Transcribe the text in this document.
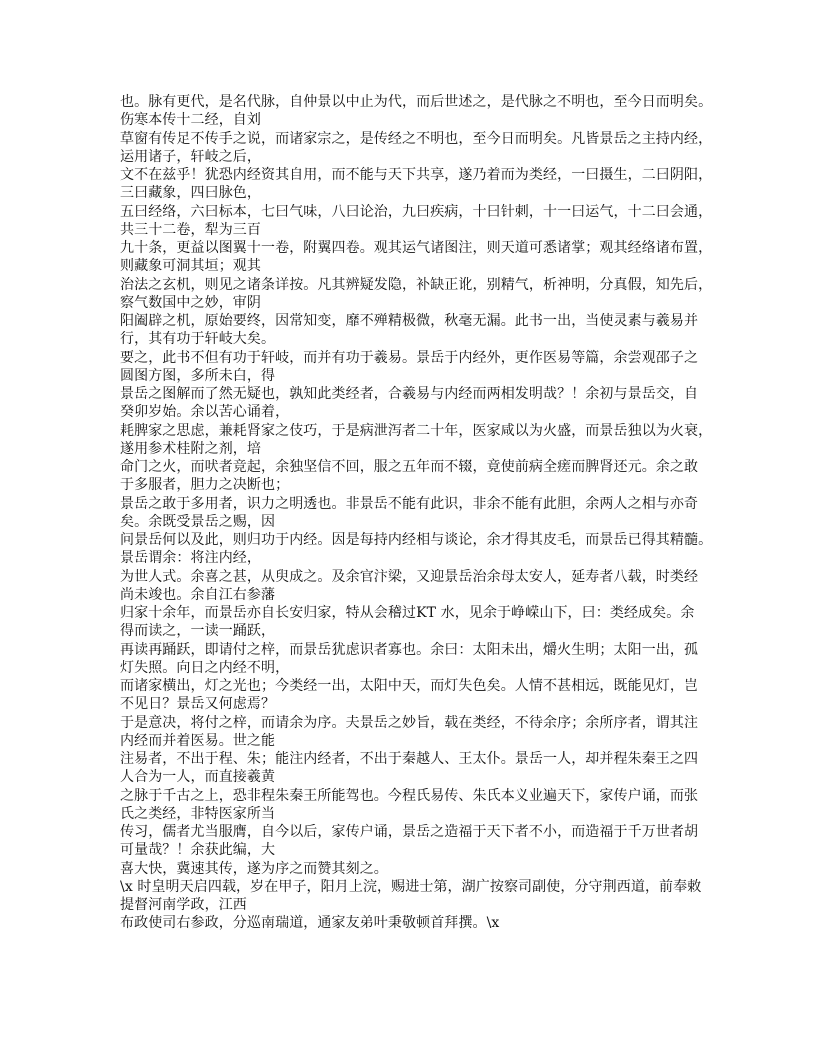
也。脉有更代，是名代脉，自仲景以中止为代，而后世述之，是代脉之不明也，至今日而明矣。
伤寒本传十二经，自刘
草窗有传足不传手之说，而诸家宗之，是传经之不明也，至今日而明矣。凡皆景岳之主持内经，
运用诸子，轩岐之后，
文不在兹乎！犹恐内经资其自用，而不能与天下共享，遂乃着而为类经，一曰摄生，二曰阴阳，
三曰藏象，四曰脉色，
五曰经络，六曰标本，七曰气味，八曰论治，九曰疾病，十曰针刺，十一曰运气，十二曰会通，
共三十二卷，犁为三百
九十条，更益以图翼十一卷，附翼四卷。观其运气诸图注，则天道可悉诸掌；观其经络诸布置，
则藏象可洞其垣；观其
治法之玄机，则见之诸条详按。凡其辨疑发隐，补缺正讹，别精气，析神明，分真假，知先后，
察气数国中之妙，审阴
阳阖辟之机，原始要终，因常知变，靡不殚精极微，秋毫无漏。此书一出，当使灵素与羲易并
行，其有功于轩岐大矣。
要之，此书不但有功于轩岐，而并有功于羲易。景岳于内经外，更作医易等篇，余尝观邵子之
圆图方图，多所未白，得
景岳之图解而了然无疑也，孰知此类经者，合羲易与内经而两相发明哉？！余初与景岳交，自
癸卯岁始。余以苦心诵着，
耗脾家之思虑，兼耗肾家之伎巧，于是病泄泻者二十年，医家咸以为火盛，而景岳独以为火衰，
遂用参术桂附之剂，培
命门之火，而吠者竞起，余独坚信不回，服之五年而不辍，竟使前病全瘥而脾肾还元。余之敢
于多服者，胆力之决断也；
景岳之敢于多用者，识力之明透也。非景岳不能有此识，非余不能有此胆，余两人之相与亦奇
矣。余既受景岳之赐，因
问景岳何以及此，则归功于内经。因是每持内经相与谈论，余才得其皮毛，而景岳已得其精髓。
景岳谓余：将注内经，
为世人式。余喜之甚，从臾成之。及余官汴梁，又迎景岳治余母太安人，延寿者八载，时类经
尚未竣也。余自江右参藩
归家十余年，而景岳亦自长安归家，特从会稽过KT 水，见余于峥嵘山下，曰：类经成矣。余
得而读之，一读一踊跃，
再读再踊跃，即请付之梓，而景岳犹虑识者寡也。余曰：太阳未出，爝火生明；太阳一出，孤
灯失照。向日之内经不明，
而诸家横出，灯之光也；今类经一出，太阳中天，而灯失色矣。人情不甚相远，既能见灯，岂
不见日？景岳又何虑焉？
于是意决，将付之梓，而请余为序。夫景岳之妙旨，载在类经，不待余序；余所序者，谓其注
内经而并着医易。世之能
注易者，不出于程、朱；能注内经者，不出于秦越人、王太仆。景岳一人，却并程朱秦王之四
人合为一人，而直接羲黄
之脉于千古之上，恐非程朱秦王所能驾也。今程氏易传、朱氏本义业遍天下，家传户诵，而张
氏之类经，非特医家所当
传习，儒者尤当服膺，自今以后，家传户诵，景岳之造福于天下者不小，而造福于千万世者胡
可量哉？！余获此编，大
喜大快，冀速其传，遂为序之而赞其刻之。
\x 时皇明天启四载，岁在甲子，阳月上浣，赐进士第，湖广按察司副使，分守荆西道，前奉敕
提督河南学政，江西
布政使司右参政，分巡南瑞道，通家友弟叶秉敬顿首拜撰。\x
